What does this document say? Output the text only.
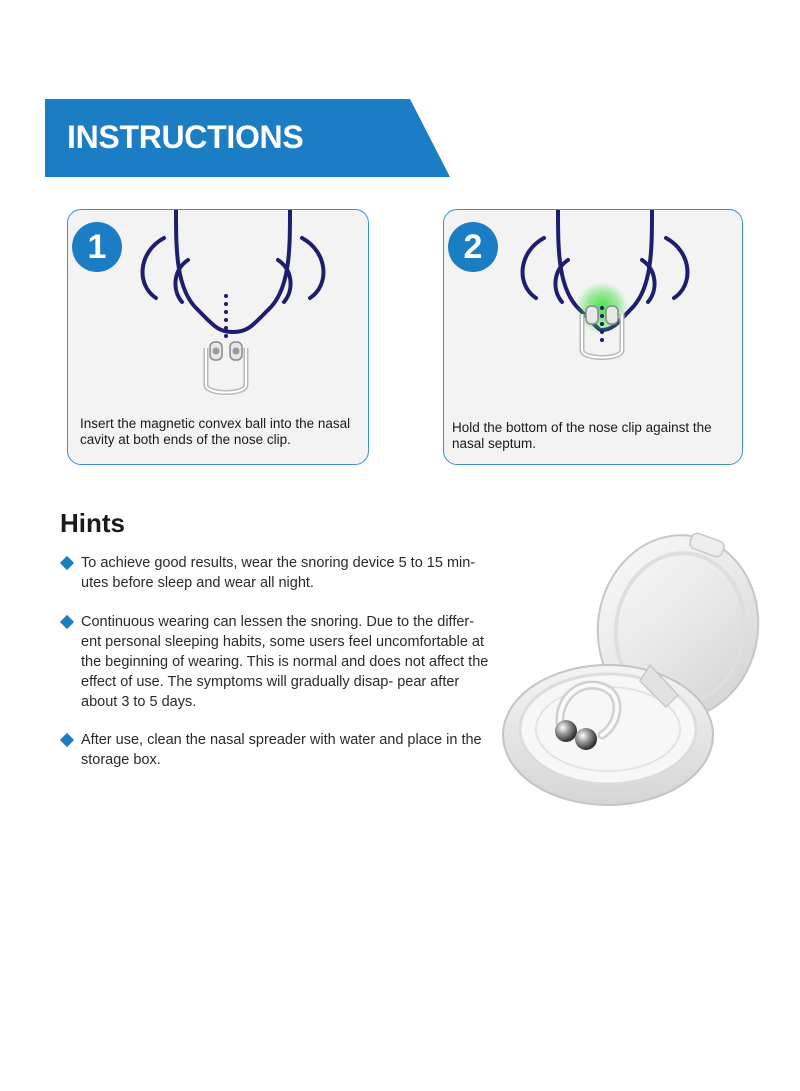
INSTRUCTIONS
1

Insert the magnetic convex ball into the nasal cavity at both ends of the nose clip.

2

Hold the bottom of the nose clip against the nasal septum.

Hints
To achieve good results, wear the snoring device 5 to 15 min- utes before sleep and wear all night.
Continuous wearing can lessen the snoring. Due to the differ- ent personal sleeping habits, some users feel uncomfortable at the beginning of wearing. This is normal and does not affect the effect of use. The symptoms will gradually disap- pear after about 3 to 5 days.
After use, clean the nasal spreader with water and place in the storage box.
